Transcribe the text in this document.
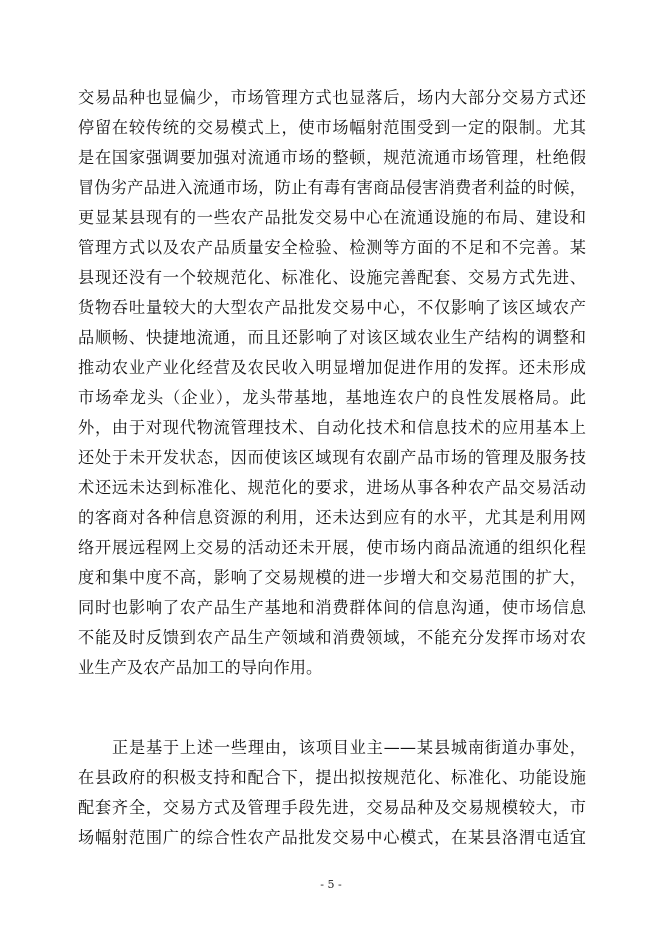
交易品种也显偏少，市场管理方式也显落后，场内大部分交易方式还
停留在较传统的交易模式上，使市场幅射范围受到一定的限制。尤其
是在国家强调要加强对流通市场的整顿，规范流通市场管理，杜绝假
冒伪劣产品进入流通市场，防止有毒有害商品侵害消费者利益的时候，
更显某县现有的一些农产品批发交易中心在流通设施的布局、建设和
管理方式以及农产品质量安全检验、检测等方面的不足和不完善。某
县现还没有一个较规范化、标准化、设施完善配套、交易方式先进、
货物吞吐量较大的大型农产品批发交易中心，不仅影响了该区域农产
品顺畅、快捷地流通，而且还影响了对该区域农业生产结构的调整和
推动农业产业化经营及农民收入明显增加促进作用的发挥。还未形成
市场牵龙头（企业），龙头带基地，基地连农户的良性发展格局。此
外，由于对现代物流管理技术、自动化技术和信息技术的应用基本上
还处于未开发状态，因而使该区域现有农副产品市场的管理及服务技
术还远未达到标准化、规范化的要求，进场从事各种农产品交易活动
的客商对各种信息资源的利用，还未达到应有的水平，尤其是利用网
络开展远程网上交易的活动还未开展，使市场内商品流通的组织化程
度和集中度不高，影响了交易规模的进一步增大和交易范围的扩大，
同时也影响了农产品生产基地和消费群体间的信息沟通，使市场信息
不能及时反馈到农产品生产领域和消费领域，不能充分发挥市场对农
业生产及农产品加工的导向作用。
正是基于上述一些理由，该项目业主——某县城南街道办事处，
在县政府的积极支持和配合下，提出拟按规范化、标准化、功能设施
配套齐全，交易方式及管理手段先进，交易品种及交易规模较大，市
场幅射范围广的综合性农产品批发交易中心模式，在某县洛渭屯适宜
- 5 -
